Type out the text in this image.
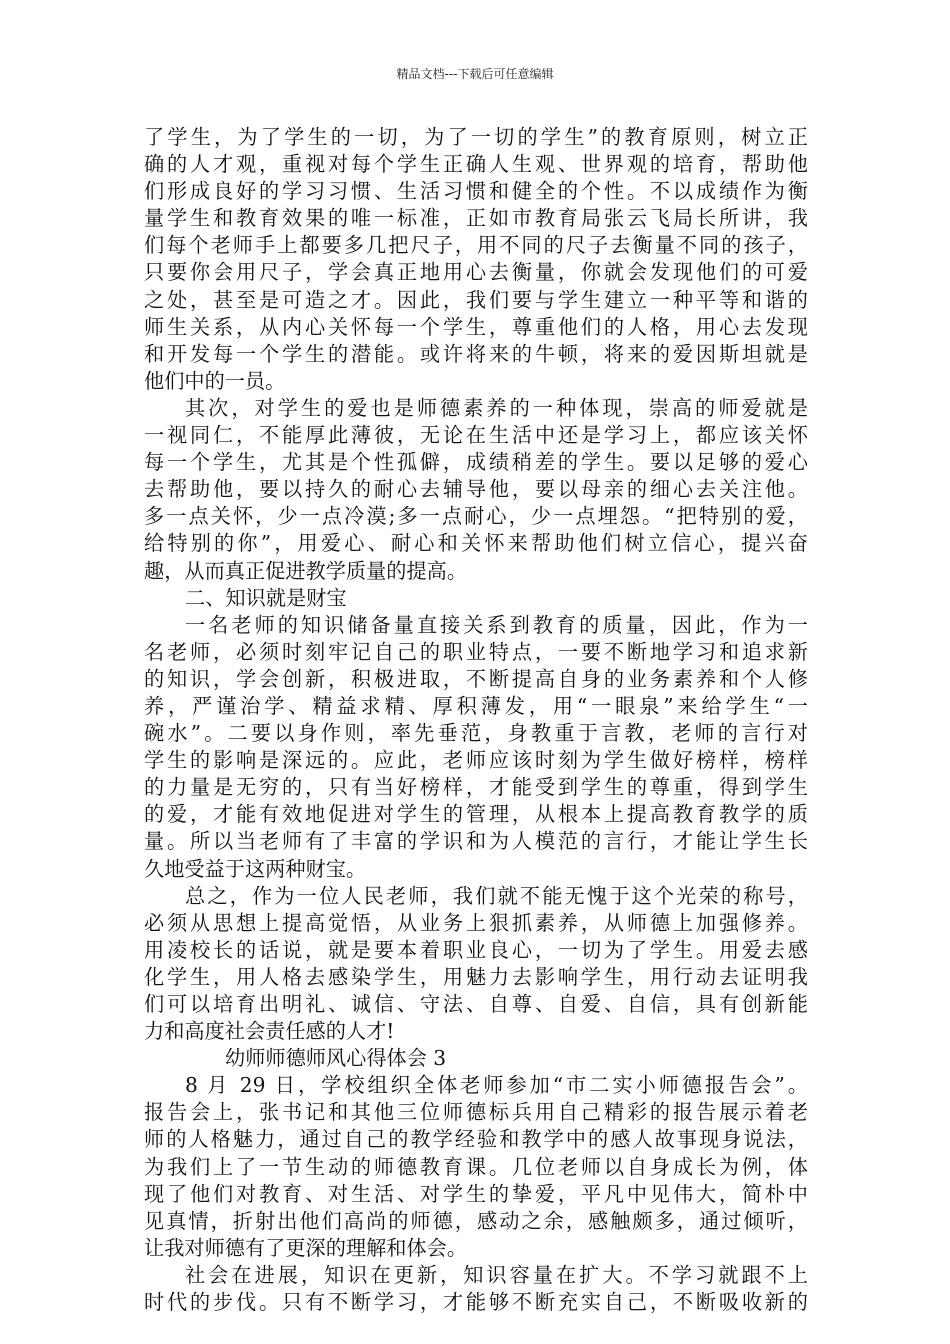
精品文档---下载后可任意编辑
了学生，为了学生的一切，为了一切的学生”的教育原则，树立正
确的人才观，重视对每个学生正确人生观、世界观的培育，帮助他
们形成良好的学习习惯、生活习惯和健全的个性。不以成绩作为衡
量学生和教育效果的唯一标准，正如市教育局张云飞局长所讲，我
们每个老师手上都要多几把尺子，用不同的尺子去衡量不同的孩子，
只要你会用尺子，学会真正地用心去衡量，你就会发现他们的可爱
之处，甚至是可造之才。因此，我们要与学生建立一种平等和谐的
师生关系，从内心关怀每一个学生，尊重他们的人格，用心去发现
和开发每一个学生的潜能。或许将来的牛顿，将来的爱因斯坦就是
他们中的一员。
其次，对学生的爱也是师德素养的一种体现，崇高的师爱就是
一视同仁，不能厚此薄彼，无论在生活中还是学习上，都应该关怀
每一个学生，尤其是个性孤僻，成绩稍差的学生。要以足够的爱心
去帮助他，要以持久的耐心去辅导他，要以母亲的细心去关注他。
多一点关怀，少一点冷漠;多一点耐心，少一点埋怨。“把特别的爱，
给特别的你”，用爱心、耐心和关怀来帮助他们树立信心，提兴奋
趣，从而真正促进教学质量的提高。
二、知识就是财宝
一名老师的知识储备量直接关系到教育的质量，因此，作为一
名老师，必须时刻牢记自己的职业特点，一要不断地学习和追求新
的知识，学会创新，积极进取，不断提高自身的业务素养和个人修
养，严谨治学、精益求精、厚积薄发，用“一眼泉”来给学生“一
碗水”。二要以身作则，率先垂范，身教重于言教，老师的言行对
学生的影响是深远的。应此，老师应该时刻为学生做好榜样，榜样
的力量是无穷的，只有当好榜样，才能受到学生的尊重，得到学生
的爱，才能有效地促进对学生的管理，从根本上提高教育教学的质
量。所以当老师有了丰富的学识和为人模范的言行，才能让学生长
久地受益于这两种财宝。
总之，作为一位人民老师，我们就不能无愧于这个光荣的称号，
必须从思想上提高觉悟，从业务上狠抓素养，从师德上加强修养。
用凌校长的话说，就是要本着职业良心，一切为了学生。用爱去感
化学生，用人格去感染学生，用魅力去影响学生，用行动去证明我
们可以培育出明礼、诚信、守法、自尊、自爱、自信，具有创新能
力和高度社会责任感的人才!
幼师师德师风心得体会 3
8 月 29 日，学校组织全体老师参加“市二实小师德报告会”。
报告会上，张书记和其他三位师德标兵用自己精彩的报告展示着老
师的人格魅力，通过自己的教学经验和教学中的感人故事现身说法，
为我们上了一节生动的师德教育课。几位老师以自身成长为例，体
现了他们对教育、对生活、对学生的挚爱，平凡中见伟大，简朴中
见真情，折射出他们高尚的师德，感动之余，感触颇多，通过倾听，
让我对师德有了更深的理解和体会。
社会在进展，知识在更新，知识容量在扩大。不学习就跟不上
时代的步伐。只有不断学习，才能够不断充实自己，不断吸收新的
